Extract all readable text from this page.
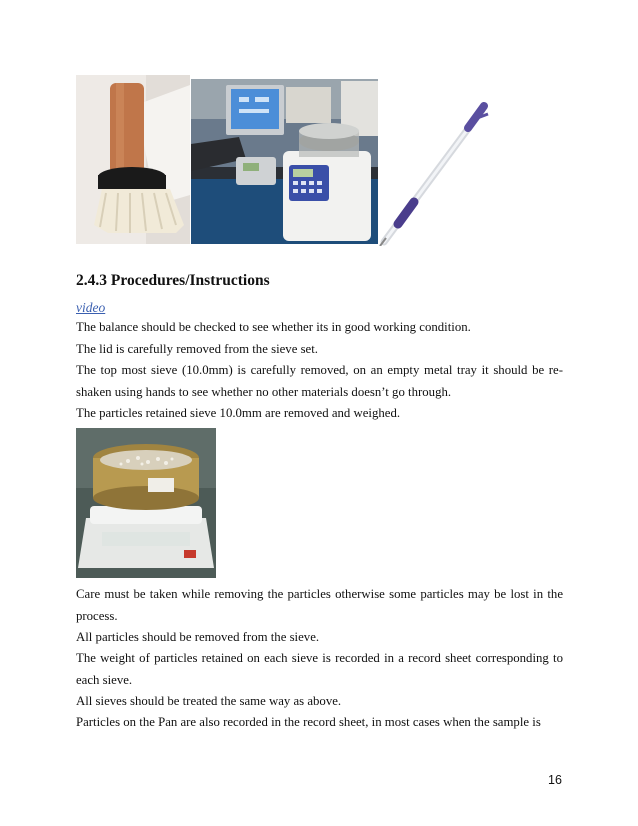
2.4.3 Procedures/Instructions
video
The balance should be checked to see whether its in good working condition.
The lid is carefully removed from the sieve set.
The top most sieve (10.0mm) is carefully removed, on an empty metal tray it should be re-shaken using hands to see whether no other materials doesn’t go through.
The particles retained sieve 10.0mm are removed and weighed.
Care must be taken while removing the particles otherwise some particles may be lost in the process.
All particles should be removed from the sieve.
The weight of particles retained on each sieve is recorded in a record sheet corresponding to each sieve.
All sieves should be treated the same way as above.
Particles on the Pan are also recorded in the record sheet, in most cases when the sample is
16
